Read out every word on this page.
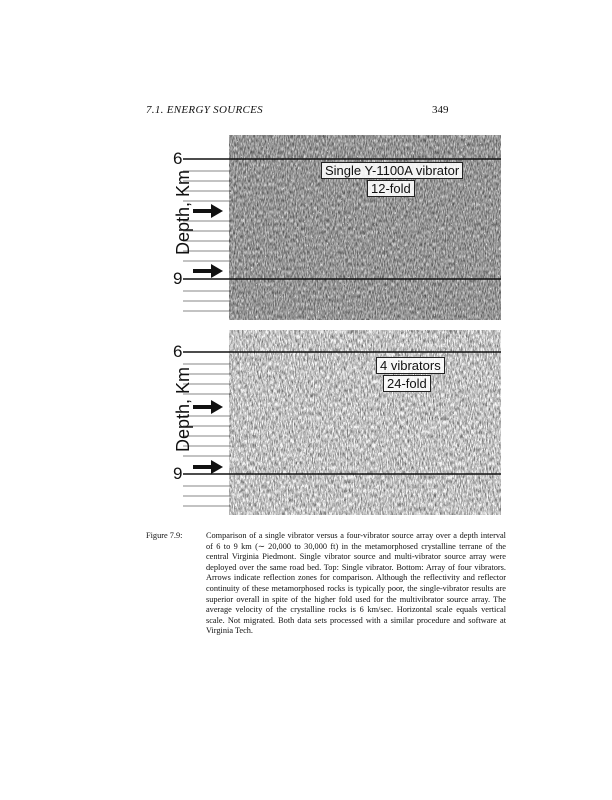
7.1. ENERGY SOURCES	349
6
9
Depth, Km	Single Y-1100A vibrator
12-fold
6
9
Depth, Km
4 vibrators
24-fold
Figure 7.9:	Comparison of a single vibrator versus a four-vibrator source array over a depth interval of 6 to 9 km (∼ 20,000 to 30,000 ft) in the metamorphosed crystalline terrane of the central Virginia Piedmont. Single vibrator source and multi-vibrator source array were deployed over the same road bed. Top: Single vibrator. Bottom: Array of four vibrators. Arrows indicate reflection zones for comparison. Although the reflectivity and reflector continuity of these metamorphosed rocks is typically poor, the single-vibrator results are superior overall in spite of the higher fold used for the multivibrator source array. The average velocity of the crystalline rocks is 6 km/sec. Horizontal scale equals vertical scale. Not migrated. Both data sets processed with a similar procedure and software at Virginia Tech.
